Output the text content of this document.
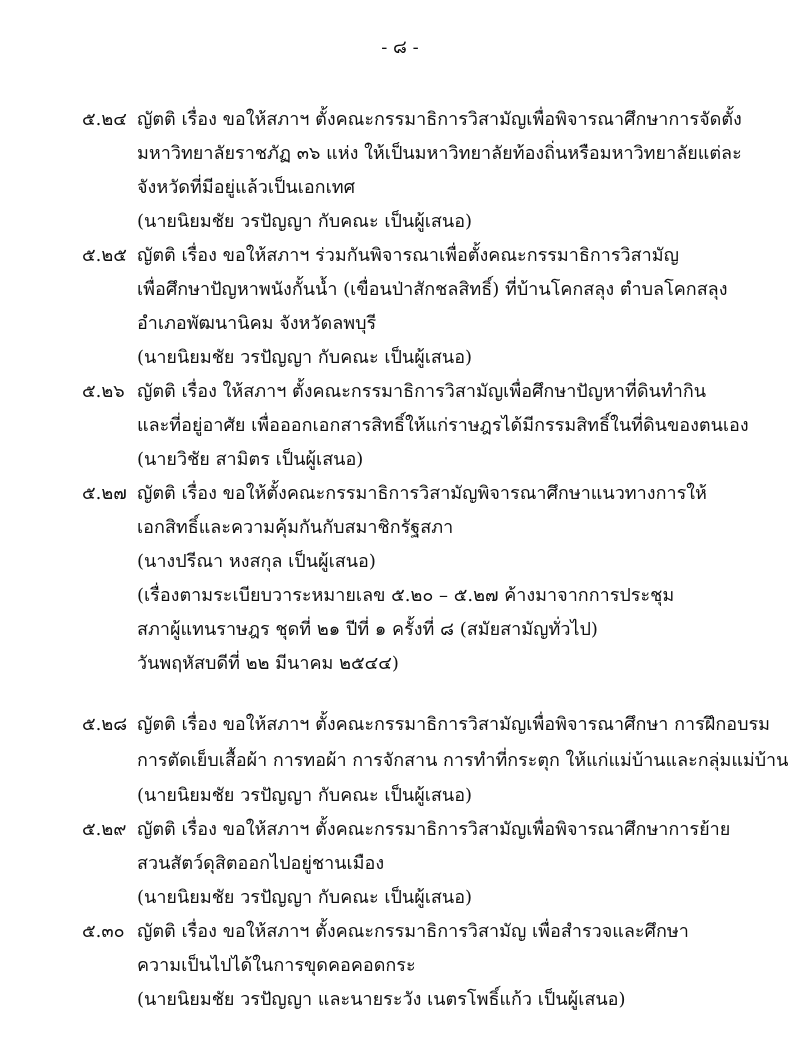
- ๘ -
๕.๒๔ ญัตติ เรื่อง ขอให้สภาฯ ตั้งคณะกรรมาธิการวิสามัญเพื่อพิจารณาศึกษาการจัดตั้ง
มหาวิทยาลัยราชภัฏ ๓๖ แห่ง ให้เป็นมหาวิทยาลัยท้องถิ่นหรือมหาวิทยาลัยแต่ละ
จังหวัดที่มีอยู่แล้วเป็นเอกเทศ
(นายนิยมชัย วรปัญญา กับคณะ เป็นผู้เสนอ)
๕.๒๕ ญัตติ เรื่อง ขอให้สภาฯ ร่วมกันพิจารณาเพื่อตั้งคณะกรรมาธิการวิสามัญ
เพื่อศึกษาปัญหาพนังกั้นน้ำ (เขื่อนป่าสักชลสิทธิ์) ที่บ้านโคกสลุง ตำบลโคกสลุง
อำเภอพัฒนานิคม จังหวัดลพบุรี
(นายนิยมชัย วรปัญญา กับคณะ เป็นผู้เสนอ)
๕.๒๖ ญัตติ เรื่อง ให้สภาฯ ตั้งคณะกรรมาธิการวิสามัญเพื่อศึกษาปัญหาที่ดินทำกิน
และที่อยู่อาศัย เพื่อออกเอกสารสิทธิ์ให้แก่ราษฎรได้มีกรรมสิทธิ์ในที่ดินของตนเอง
(นายวิชัย สามิตร เป็นผู้เสนอ)
๕.๒๗ ญัตติ เรื่อง ขอให้ตั้งคณะกรรมาธิการวิสามัญพิจารณาศึกษาแนวทางการให้
เอกสิทธิ์และความคุ้มกันกับสมาชิกรัฐสภา
(นางปรีณา หงสกุล เป็นผู้เสนอ)
(เรื่องตามระเบียบวาระหมายเลข ๕.๒๐ – ๕.๒๗ ค้างมาจากการประชุม
สภาผู้แทนราษฎร ชุดที่ ๒๑ ปีที่ ๑ ครั้งที่ ๘ (สมัยสามัญทั่วไป)
วันพฤหัสบดีที่ ๒๒ มีนาคม ๒๕๔๔)
๕.๒๘ ญัตติ เรื่อง ขอให้สภาฯ ตั้งคณะกรรมาธิการวิสามัญเพื่อพิจารณาศึกษา การฝึกอบรม
การตัดเย็บเสื้อผ้า การทอผ้า การจักสาน การทำที่กระตุก ให้แก่แม่บ้านและกลุ่มแม่บ้าน
(นายนิยมชัย วรปัญญา กับคณะ เป็นผู้เสนอ)
๕.๒๙ ญัตติ เรื่อง ขอให้สภาฯ ตั้งคณะกรรมาธิการวิสามัญเพื่อพิจารณาศึกษาการย้าย
สวนสัตว์ดุสิตออกไปอยู่ชานเมือง
(นายนิยมชัย วรปัญญา กับคณะ เป็นผู้เสนอ)
๕.๓๐ ญัตติ เรื่อง ขอให้สภาฯ ตั้งคณะกรรมาธิการวิสามัญ เพื่อสำรวจและศึกษา
ความเป็นไปได้ในการขุดคอคอดกระ
(นายนิยมชัย วรปัญญา และนายระวัง เนตรโพธิ์แก้ว เป็นผู้เสนอ)
